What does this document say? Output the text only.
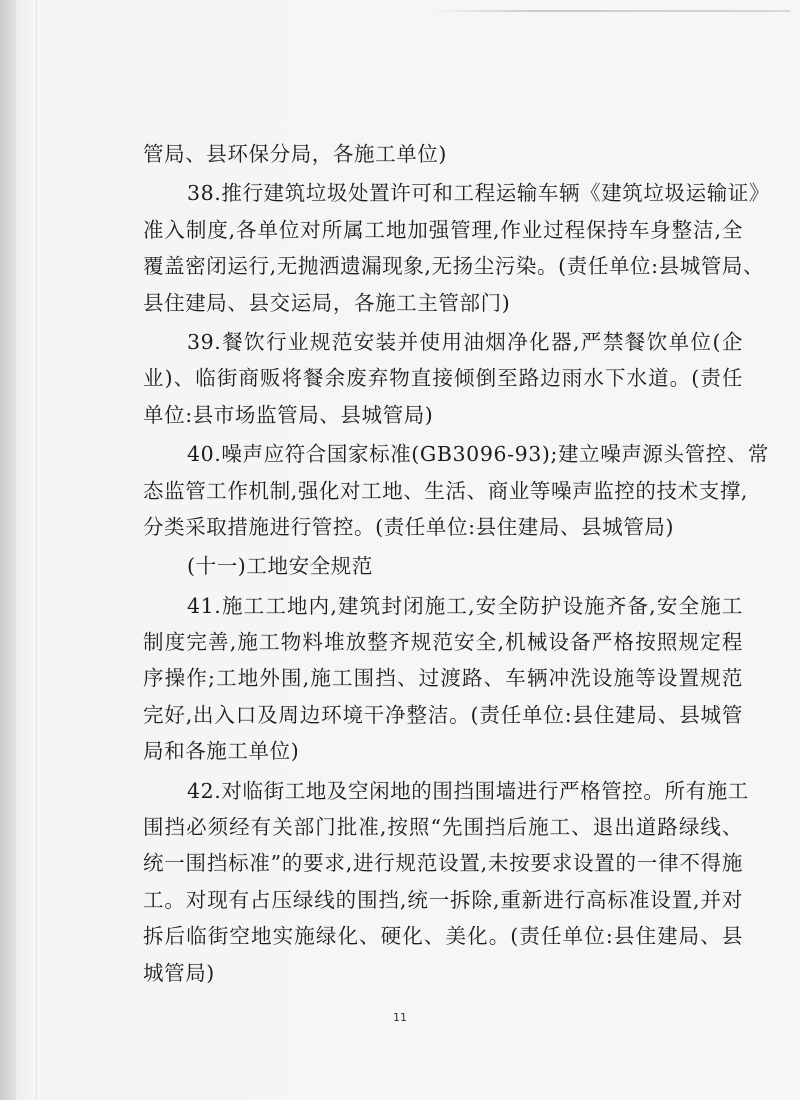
管局、县环保分局，各施工单位)
38.推行建筑垃圾处置许可和工程运输车辆《建筑垃圾运输证》
准入制度,各单位对所属工地加强管理,作业过程保持车身整洁,全
覆盖密闭运行,无抛洒遗漏现象,无扬尘污染。(责任单位:县城管局、
县住建局、县交运局，各施工主管部门)
39.餐饮行业规范安装并使用油烟净化器,严禁餐饮单位(企
业)、临街商贩将餐余废弃物直接倾倒至路边雨水下水道。(责任
单位:县市场监管局、县城管局)
40.噪声应符合国家标准(GB3096-93);建立噪声源头管控、常
态监管工作机制,强化对工地、生活、商业等噪声监控的技术支撑,
分类采取措施进行管控。(责任单位:县住建局、县城管局)
(十一)工地安全规范
41.施工工地内,建筑封闭施工,安全防护设施齐备,安全施工
制度完善,施工物料堆放整齐规范安全,机械设备严格按照规定程
序操作;工地外围,施工围挡、过渡路、车辆冲洗设施等设置规范
完好,出入口及周边环境干净整洁。(责任单位:县住建局、县城管
局和各施工单位)
42.对临街工地及空闲地的围挡围墙进行严格管控。所有施工
围挡必须经有关部门批准,按照“先围挡后施工、退出道路绿线、
统一围挡标准”的要求,进行规范设置,未按要求设置的一律不得施
工。对现有占压绿线的围挡,统一拆除,重新进行高标准设置,并对
拆后临街空地实施绿化、硬化、美化。(责任单位:县住建局、县
城管局)
11
